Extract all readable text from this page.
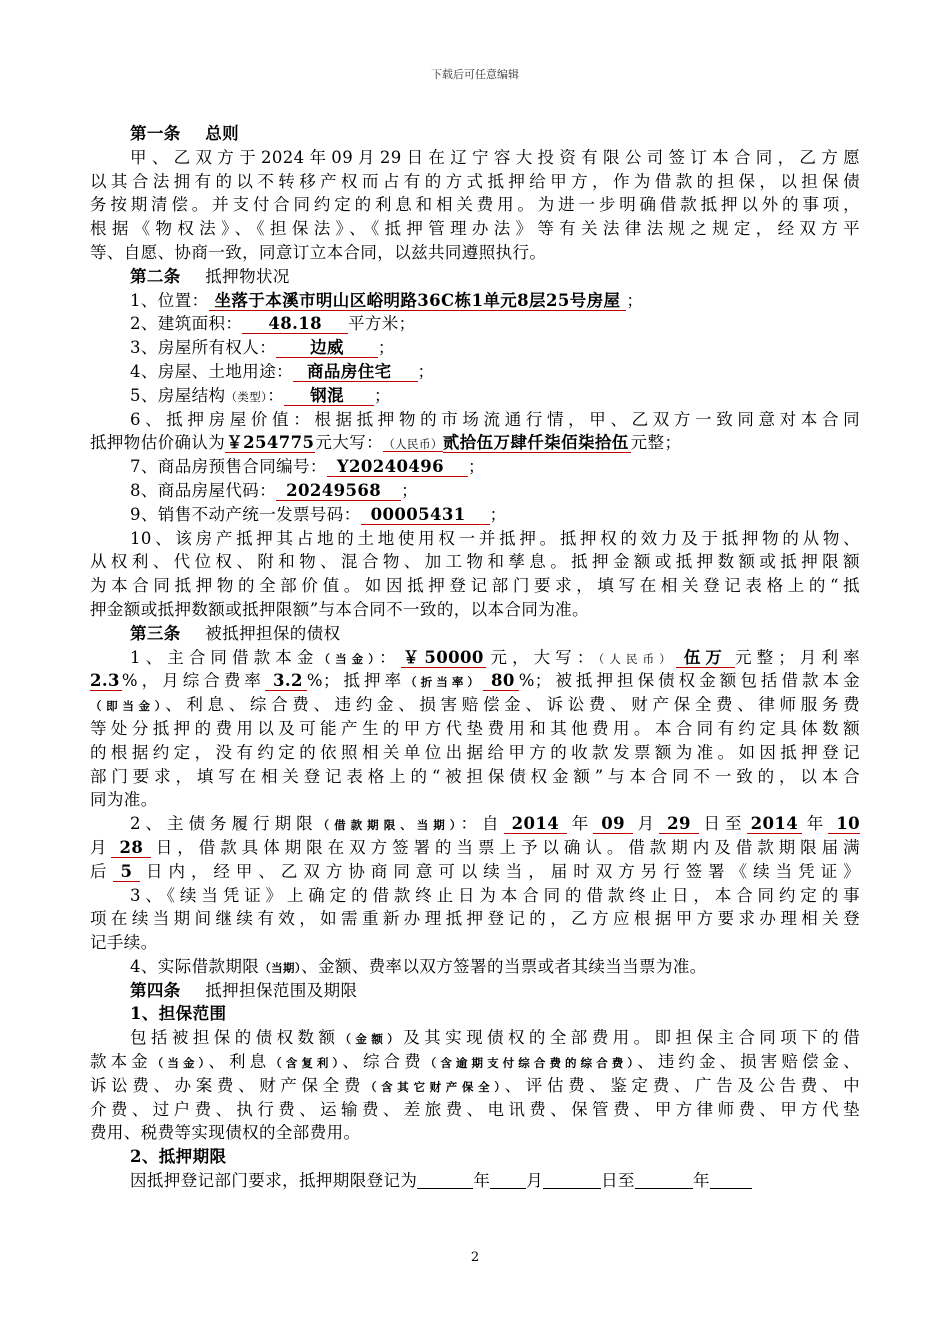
下载后可任意编辑
第一条 总则
甲、乙双方于2024年09月29日在辽宁容大投资有限公司签订本合同，乙方愿
以其合法拥有的以不转移产权而占有的方式抵押给甲方，作为借款的担保，以担保债
务按期清偿。并支付合同约定的利息和相关费用。为进一步明确借款抵押以外的事项，
根据《物权法》、《担保法》、《抵押管理办法》等有关法律法规之规定，经双方平
等、自愿、协商一致，同意订立本合同，以兹共同遵照执行。
第二条 抵押物状况
1、位置： 坐落于本溪市明山区峪明路36C栋1单元8层25号房屋 ；
2、建筑面积： 48.18 平方米；
3、房屋所有权人： 边威 ；
4、房屋、土地用途： 商品房住宅 ；
5、房屋结构（类型）： 钢混 ；
6、抵押房屋价值：根据抵押物的市场流通行情，甲、乙双方一致同意对本合同
抵押物估价确认为￥254775元大写： （人民币）贰拾伍万肆仟柒佰柒拾伍 元整；
7、商品房预售合同编号： Y20240496 ；
8、商品房屋代码： 20249568 ；
9、销售不动产统一发票号码： 00005431 ；
10、该房产抵押其占地的土地使用权一并抵押。抵押权的效力及于抵押物的从物、
从权利、代位权、附和物、混合物、加工物和孳息。抵押金额或抵押数额或抵押限额
为本合同抵押物的全部价值。如因抵押登记部门要求，填写在相关登记表格上的“抵
押金额或抵押数额或抵押限额”与本合同不一致的，以本合同为准。
第三条 被抵押担保的债权
1、主合同借款本金（当金）： ￥50000 元，大写：（人民币） 伍万 元整；月利率
2.3 %，月综合费率 3.2 %；抵押率（折当率） 80 %；被抵押担保债权金额包括借款本金
（即当金）、利息、综合费、违约金、损害赔偿金、诉讼费、财产保全费、律师服务费
等处分抵押的费用以及可能产生的甲方代垫费用和其他费用。本合同有约定具体数额
的根据约定，没有约定的依照相关单位出据给甲方的收款发票额为准。如因抵押登记
部门要求，填写在相关登记表格上的“被担保债权金额”与本合同不一致的，以本合
同为准。
2、主债务履行期限（借款期限、当期）：自 2014 年 09 月 29 日至 2014 年 10
月 28 日，借款具体期限在双方签署的当票上予以确认。借款期内及借款期限届满
后 5 日内，经甲、乙双方协商同意可以续当，届时双方另行签署《续当凭证》
3、《续当凭证》上确定的借款终止日为本合同的借款终止日，本合同约定的事
项在续当期间继续有效，如需重新办理抵押登记的，乙方应根据甲方要求办理相关登
记手续。
4、实际借款期限（当期）、金额、费率以双方签署的当票或者其续当当票为准。
第四条 抵押担保范围及期限
1、担保范围
包括被担保的债权数额（金额）及其实现债权的全部费用。即担保主合同项下的借
款本金（当金）、利息（含复利）、综合费（含逾期支付综合费的综合费）、违约金、损害赔偿金、
诉讼费、办案费、财产保全费（含其它财产保全）、评估费、鉴定费、广告及公告费、中
介费、过户费、执行费、运输费、差旅费、电讯费、保管费、甲方律师费、甲方代垫
费用、税费等实现债权的全部费用。
2、抵押期限
因抵押登记部门要求，抵押期限登记为	年 月	日至	年
2
